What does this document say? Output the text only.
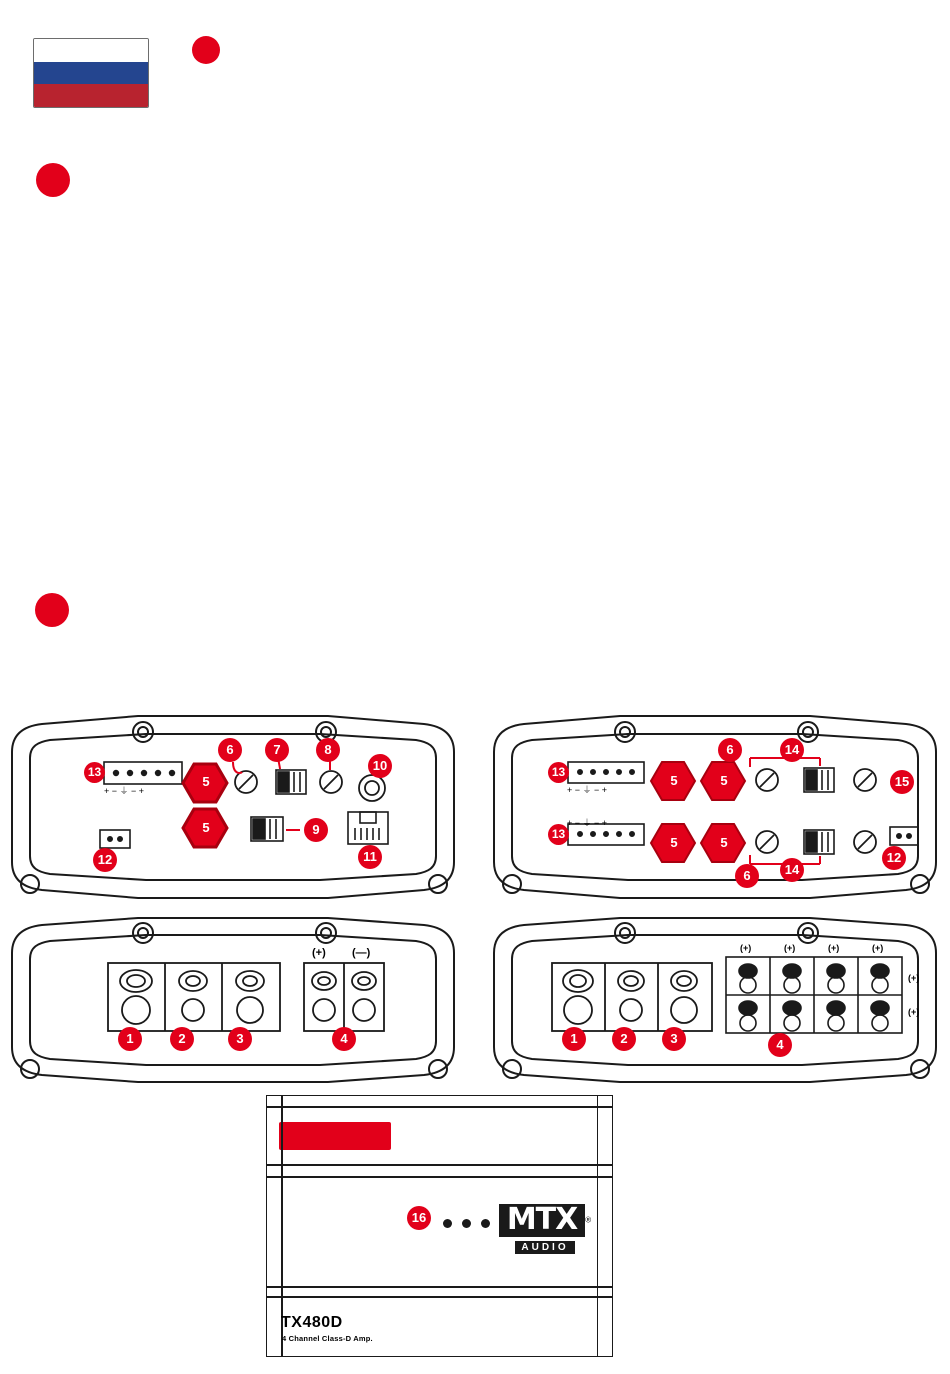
13
+ − ⏚ − +
5
5
6	7	8
10
9
11
12
13
+ − ⏚ − +
13
+ − ⏚ − +
5	5
5	5
6
6
14
14
15
12
(+) (—)
1	2	3	4
(+)	(+)	(+)	(+)
(+)
(+)
1	2	3	4
16	MTX ®
AUDIO
TX480D
4 Channel Class-D Amp.
